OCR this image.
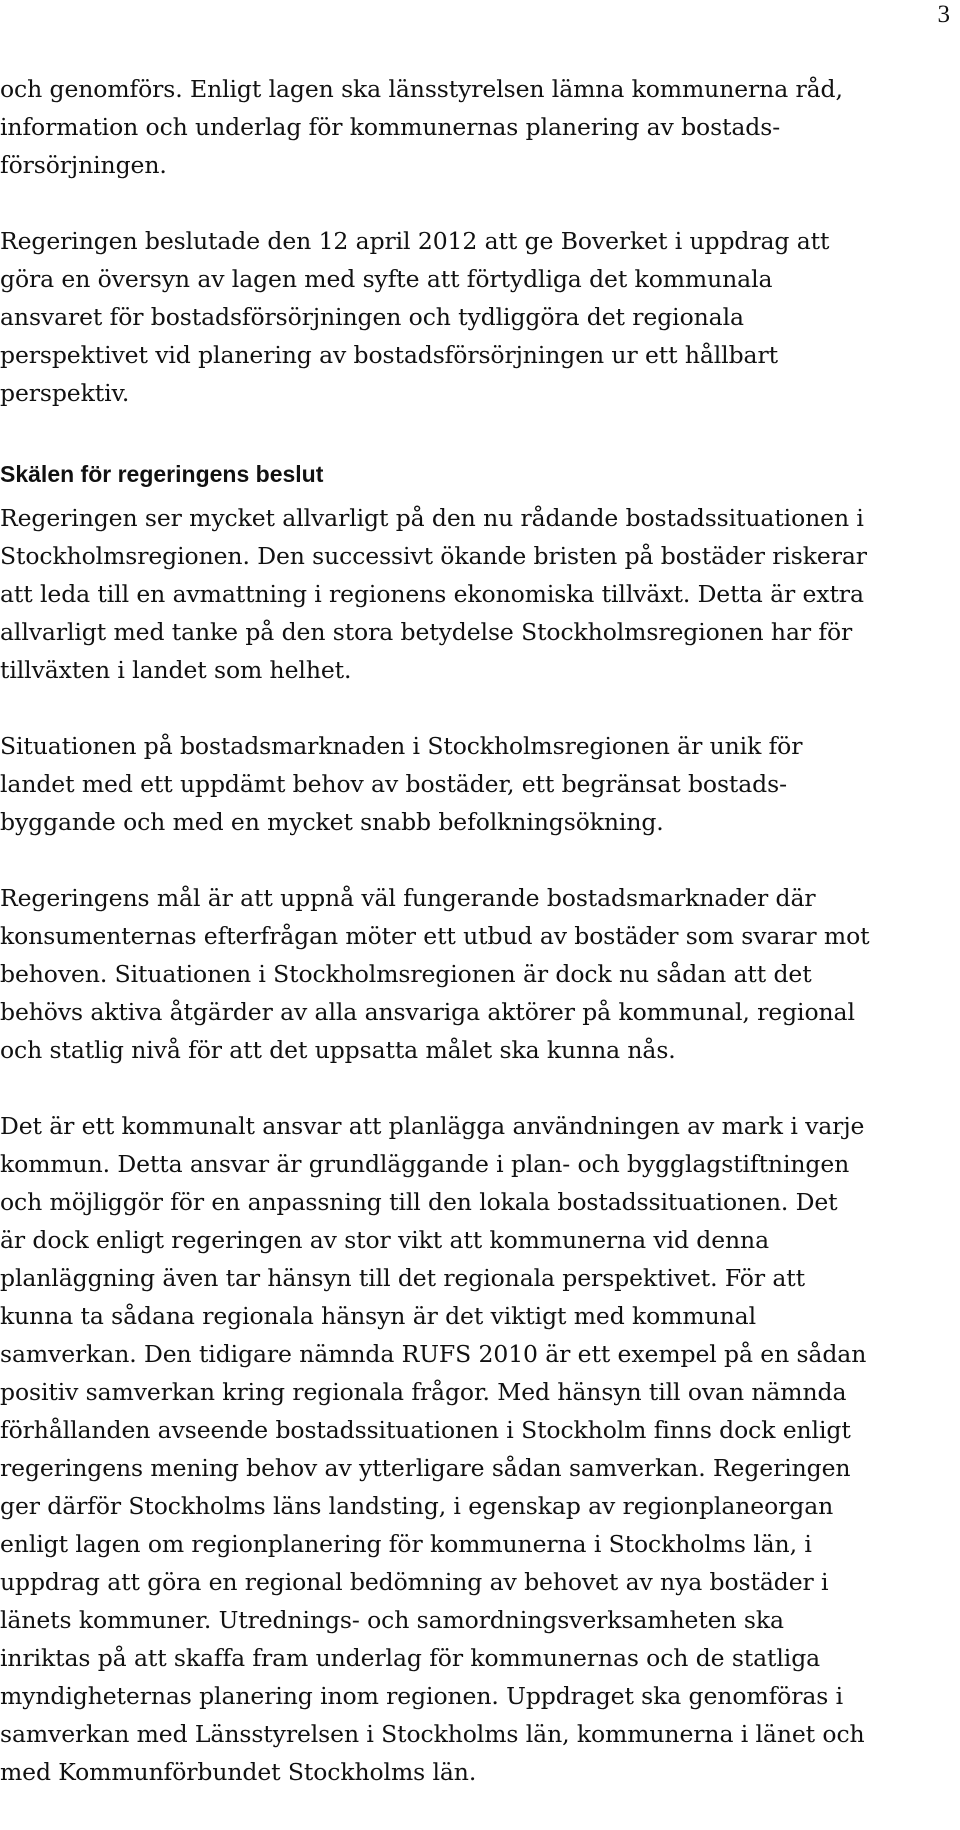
3

och genomförs. Enligt lagen ska länsstyrelsen lämna kommunerna råd,
information och underlag för kommunernas planering av bostads-
försörjningen.

Regeringen beslutade den 12 april 2012 att ge Boverket i uppdrag att
göra en översyn av lagen med syfte att förtydliga det kommunala
ansvaret för bostadsförsörjningen och tydliggöra det regionala
perspektivet vid planering av bostadsförsörjningen ur ett hållbart
perspektiv.

Skälen för regeringens beslut

Regeringen ser mycket allvarligt på den nu rådande bostadssituationen i
Stockholmsregionen. Den successivt ökande bristen på bostäder riskerar
att leda till en avmattning i regionens ekonomiska tillväxt. Detta är extra
allvarligt med tanke på den stora betydelse Stockholmsregionen har för
tillväxten i landet som helhet.

Situationen på bostadsmarknaden i Stockholmsregionen är unik för
landet med ett uppdämt behov av bostäder, ett begränsat bostads-
byggande och med en mycket snabb befolkningsökning.

Regeringens mål är att uppnå väl fungerande bostadsmarknader där
konsumenternas efterfrågan möter ett utbud av bostäder som svarar mot
behoven. Situationen i Stockholmsregionen är dock nu sådan att det
behövs aktiva åtgärder av alla ansvariga aktörer på kommunal, regional
och statlig nivå för att det uppsatta målet ska kunna nås.

Det är ett kommunalt ansvar att planlägga användningen av mark i varje
kommun. Detta ansvar är grundläggande i plan- och bygglagstiftningen
och möjliggör för en anpassning till den lokala bostadssituationen. Det
är dock enligt regeringen av stor vikt att kommunerna vid denna
planläggning även tar hänsyn till det regionala perspektivet. För att
kunna ta sådana regionala hänsyn är det viktigt med kommunal
samverkan. Den tidigare nämnda RUFS 2010 är ett exempel på en sådan
positiv samverkan kring regionala frågor. Med hänsyn till ovan nämnda
förhållanden avseende bostadssituationen i Stockholm finns dock enligt
regeringens mening behov av ytterligare sådan samverkan. Regeringen
ger därför Stockholms läns landsting, i egenskap av regionplaneorgan
enligt lagen om regionplanering för kommunerna i Stockholms län, i
uppdrag att göra en regional bedömning av behovet av nya bostäder i
länets kommuner. Utrednings- och samordningsverksamheten ska
inriktas på att skaffa fram underlag för kommunernas och de statliga
myndigheternas planering inom regionen. Uppdraget ska genomföras i
samverkan med Länsstyrelsen i Stockholms län, kommunerna i länet och
med Kommunförbundet Stockholms län.
